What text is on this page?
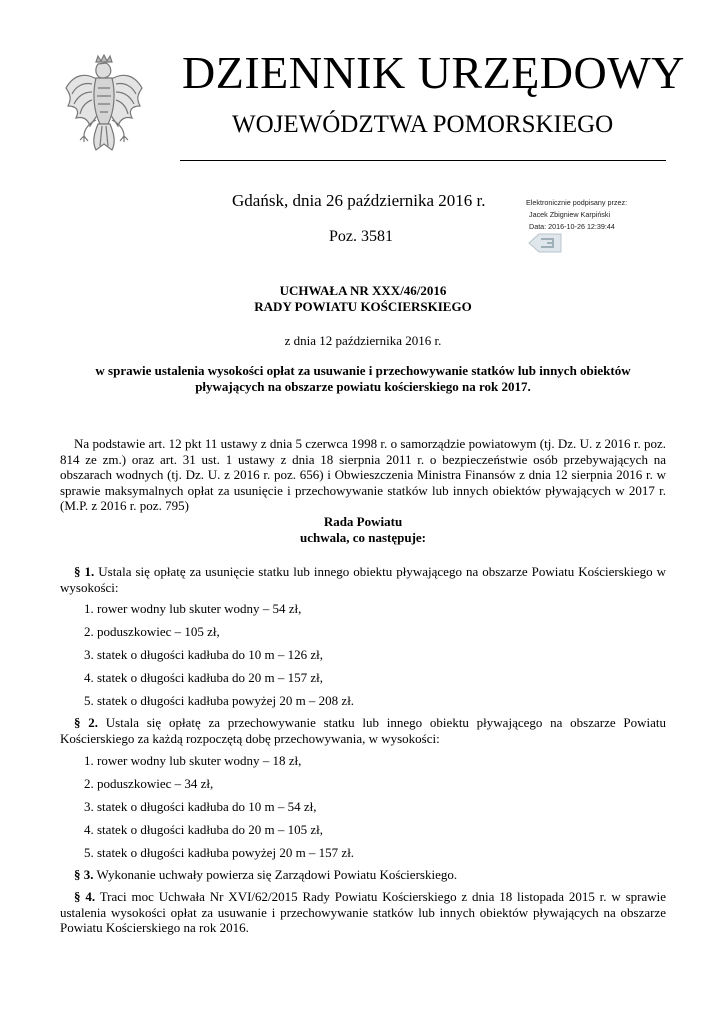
DZIENNIK URZĘDOWY
WOJEWÓDZTWA POMORSKIEGO
Gdańsk, dnia 26 października 2016 r.
Poz. 3581
Elektronicznie podpisany przez:
Jacek Zbigniew Karpiński
Data: 2016-10-26 12:39:44
UCHWAŁA NR XXX/46/2016
RADY POWIATU KOŚCIERSKIEGO
z dnia 12 października 2016 r.
w sprawie ustalenia wysokości opłat za usuwanie i przechowywanie statków lub innych obiektów pływających na obszarze powiatu kościerskiego na rok 2017.
Na podstawie art. 12 pkt 11 ustawy z dnia 5 czerwca 1998 r. o samorządzie powiatowym (tj. Dz. U. z 2016 r. poz. 814 ze zm.) oraz art. 31 ust. 1 ustawy z dnia 18 sierpnia 2011 r. o bezpieczeństwie osób przebywających na obszarach wodnych (tj. Dz. U. z 2016 r. poz. 656) i Obwieszczenia Ministra Finansów z dnia 12 sierpnia 2016 r. w sprawie maksymalnych opłat za usunięcie i przechowywanie statków lub innych obiektów pływających w 2017 r. (M.P. z 2016 r. poz. 795)
Rada Powiatu
uchwala, co następuje:
§ 1. Ustala się opłatę za usunięcie statku lub innego obiektu pływającego na obszarze Powiatu Kościerskiego w wysokości:
1. rower wodny lub skuter wodny – 54 zł,
2. poduszkowiec – 105 zł,
3. statek o długości kadłuba do 10 m – 126 zł,
4. statek o długości kadłuba do 20 m – 157 zł,
5. statek o długości kadłuba powyżej 20 m – 208 zł.
§ 2. Ustala się opłatę za przechowywanie statku lub innego obiektu pływającego na obszarze Powiatu Kościerskiego za każdą rozpoczętą dobę przechowywania, w wysokości:
1. rower wodny lub skuter wodny – 18 zł,
2. poduszkowiec – 34 zł,
3. statek o długości kadłuba do 10 m – 54 zł,
4. statek o długości kadłuba do 20 m – 105 zł,
5. statek o długości kadłuba powyżej 20 m – 157 zł.
§ 3. Wykonanie uchwały powierza się Zarządowi Powiatu Kościerskiego.
§ 4. Traci moc Uchwała Nr XVI/62/2015 Rady Powiatu Kościerskiego z dnia 18 listopada 2015 r. w sprawie ustalenia wysokości opłat za usuwanie i przechowywanie statków lub innych obiektów pływających na obszarze Powiatu Kościerskiego na rok 2016.
